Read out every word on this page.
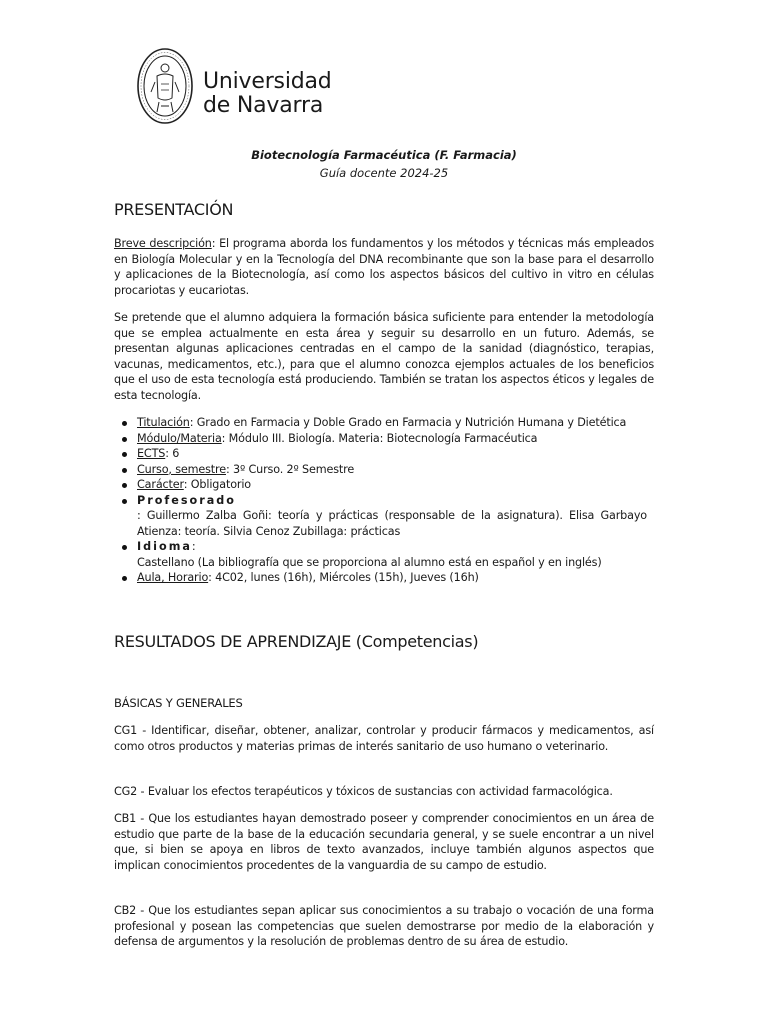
Universidad
de Navarra
Biotecnología Farmacéutica (F. Farmacia)
Guía docente 2024-25
PRESENTACIÓN

Breve descripción: El programa aborda los fundamentos y los métodos y técnicas más empleados en Biología Molecular y en la Tecnología del DNA recombinante que son la base para el desarrollo y aplicaciones de la Biotecnología, así como los aspectos básicos del cultivo in vitro en células procariotas y eucariotas.

Se pretende que el alumno adquiera la formación básica suficiente para entender la metodología que se emplea actualmente en esta área y seguir su desarrollo en un futuro. Además, se presentan algunas aplicaciones centradas en el campo de la sanidad (diagnóstico, terapias, vacunas, medicamentos, etc.), para que el alumno conozca ejemplos actuales de los beneficios que el uso de esta tecnología está produciendo. También se tratan los aspectos éticos y legales de esta tecnología.

Titulación: Grado en Farmacia y Doble Grado en Farmacia y Nutrición Humana y Dietética
Módulo/Materia: Módulo III. Biología. Materia: Biotecnología Farmacéutica
ECTS: 6
Curso, semestre: 3º Curso. 2º Semestre
Carácter: Obligatorio
Profesorado
: Guillermo Zalba Goñi: teoría y prácticas (responsable de la asignatura). Elisa Garbayo Atienza: teoría. Silvia Cenoz Zubillaga: prácticas
Idioma:
Castellano (La bibliografía que se proporciona al alumno está en español y en inglés)
Aula, Horario: 4C02, lunes (16h), Miércoles (15h), Jueves (16h)
RESULTADOS DE APRENDIZAJE (Competencias)
BÁSICAS Y GENERALES

CG1 - Identificar, diseñar, obtener, analizar, controlar y producir fármacos y medicamentos, así como otros productos y materias primas de interés sanitario de uso humano o veterinario.

CG2 - Evaluar los efectos terapéuticos y tóxicos de sustancias con actividad farmacológica.

CB1 - Que los estudiantes hayan demostrado poseer y comprender conocimientos en un área de estudio que parte de la base de la educación secundaria general, y se suele encontrar a un nivel que, si bien se apoya en libros de texto avanzados, incluye también algunos aspectos que implican conocimientos procedentes de la vanguardia de su campo de estudio.

CB2 - Que los estudiantes sepan aplicar sus conocimientos a su trabajo o vocación de una forma profesional y posean las competencias que suelen demostrarse por medio de la elaboración y defensa de argumentos y la resolución de problemas dentro de su área de estudio.
